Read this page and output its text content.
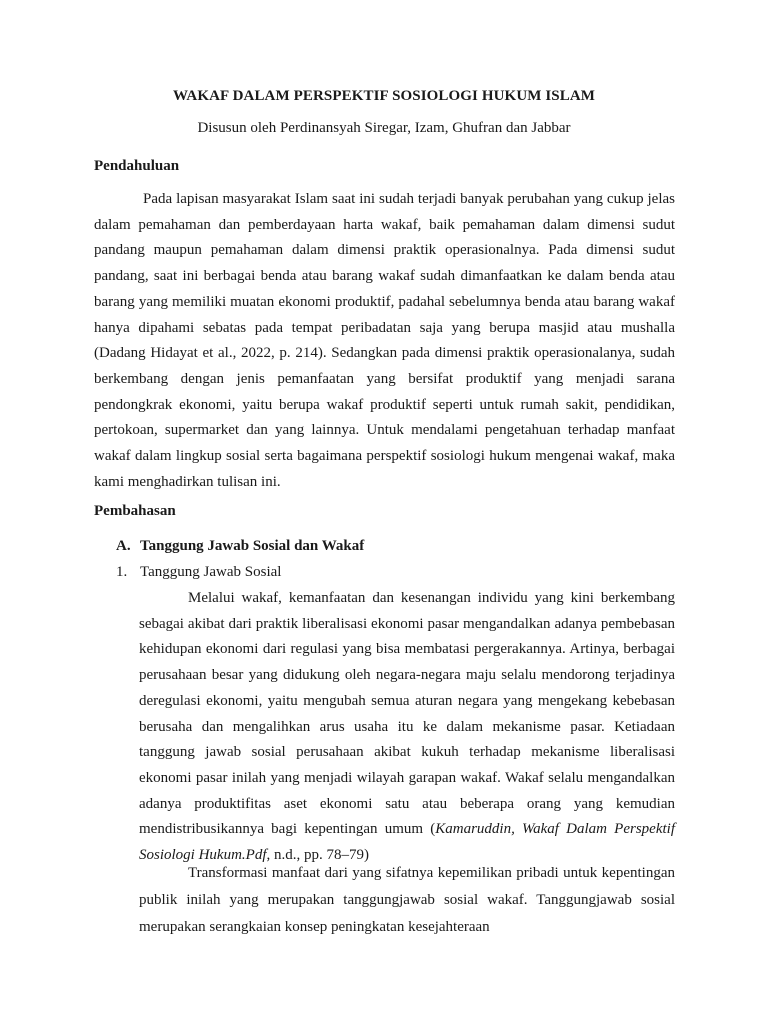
WAKAF DALAM PERSPEKTIF SOSIOLOGI HUKUM ISLAM
Disusun oleh Perdinansyah Siregar, Izam, Ghufran dan Jabbar
Pendahuluan

Pada lapisan masyarakat Islam saat ini sudah terjadi banyak perubahan yang cukup jelas dalam pemahaman dan pemberdayaan harta wakaf, baik pemahaman dalam dimensi sudut pandang maupun pemahaman dalam dimensi praktik operasionalnya. Pada dimensi sudut pandang, saat ini berbagai benda atau barang wakaf sudah dimanfaatkan ke dalam benda atau barang yang memiliki muatan ekonomi produktif, padahal sebelumnya benda atau barang wakaf hanya dipahami sebatas pada tempat peribadatan saja yang berupa masjid atau mushalla (Dadang Hidayat et al., 2022, p. 214). Sedangkan pada dimensi praktik operasionalanya, sudah berkembang dengan jenis pemanfaatan yang bersifat produktif yang menjadi sarana pendongkrak ekonomi, yaitu berupa wakaf produktif seperti untuk rumah sakit, pendidikan, pertokoan, supermarket dan yang lainnya. Untuk mendalami pengetahuan terhadap manfaat wakaf dalam lingkup sosial serta bagaimana perspektif sosiologi hukum mengenai wakaf, maka kami menghadirkan tulisan ini.

Pembahasan
A. Tanggung Jawab Sosial dan Wakaf
1. Tanggung Jawab Sosial

Melalui wakaf, kemanfaatan dan kesenangan individu yang kini berkembang sebagai akibat dari praktik liberalisasi ekonomi pasar mengandalkan adanya pembebasan kehidupan ekonomi dari regulasi yang bisa membatasi pergerakannya. Artinya, berbagai perusahaan besar yang didukung oleh negara-negara maju selalu mendorong terjadinya deregulasi ekonomi, yaitu mengubah semua aturan negara yang mengekang kebebasan berusaha dan mengalihkan arus usaha itu ke dalam mekanisme pasar. Ketiadaan tanggung jawab sosial perusahaan akibat kukuh terhadap mekanisme liberalisasi ekonomi pasar inilah yang menjadi wilayah garapan wakaf. Wakaf selalu mengandalkan adanya produktifitas aset ekonomi satu atau beberapa orang yang kemudian mendistribusikannya bagi kepentingan umum (Kamaruddin, Wakaf Dalam Perspektif Sosiologi Hukum.Pdf, n.d., pp. 78–79)

Transformasi manfaat dari yang sifatnya kepemilikan pribadi untuk kepentingan publik inilah yang merupakan tanggungjawab sosial wakaf. Tanggungjawab sosial merupakan serangkaian konsep peningkatan kesejahteraan
